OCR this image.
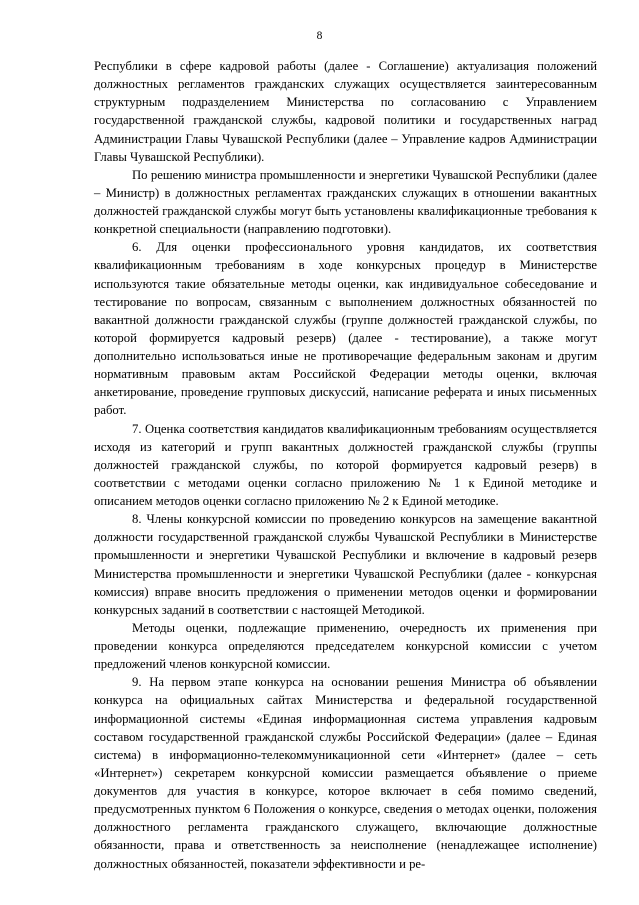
8

Республики в сфере кадровой работы (далее - Соглашение) актуализация положений должностных регламентов гражданских служащих осуществляется заинтересованным структурным подразделением Министерства по согласованию с Управлением государственной гражданской службы, кадровой политики и государственных наград Администрации Главы Чувашской Республики (далее – Управление кадров Администрации Главы Чувашской Республики).

По решению министра промышленности и энергетики Чувашской Республики (далее – Министр) в должностных регламентах гражданских служащих в отношении вакантных должностей гражданской службы могут быть установлены квалификационные требования к конкретной специальности (направлению подготовки).

6. Для оценки профессионального уровня кандидатов, их соответствия квалификационным требованиям в ходе конкурсных процедур в Министерстве используются такие обязательные методы оценки, как индивидуальное собеседование и тестирование по вопросам, связанным с выполнением должностных обязанностей по вакантной должности гражданской службы (группе должностей гражданской службы, по которой формируется кадровый резерв) (далее - тестирование), а также могут дополнительно использоваться иные не противоречащие федеральным законам и другим нормативным правовым актам Российской Федерации методы оценки, включая анкетирование, проведение групповых дискуссий, написание реферата и иных письменных работ.

7. Оценка соответствия кандидатов квалификационным требованиям осуществляется исходя из категорий и групп вакантных должностей гражданской службы (группы должностей гражданской службы, по которой формируется кадровый резерв) в соответствии с методами оценки согласно приложению № 1 к Единой методике и описанием методов оценки согласно приложению № 2 к Единой методике.

8. Члены конкурсной комиссии по проведению конкурсов на замещение вакантной должности государственной гражданской службы Чувашской Республики в Министерстве промышленности и энергетики Чувашской Республики и включение в кадровый резерв Министерства промышленности и энергетики Чувашской Республики (далее - конкурсная комиссия) вправе вносить предложения о применении методов оценки и формировании конкурсных заданий в соответствии с настоящей Методикой.

Методы оценки, подлежащие применению, очередность их применения при проведении конкурса определяются председателем конкурсной комиссии с учетом предложений членов конкурсной комиссии.

9. На первом этапе конкурса на основании решения Министра об объявлении конкурса на официальных сайтах Министерства и федеральной государственной информационной системы «Единая информационная система управления кадровым составом государственной гражданской службы Российской Федерации» (далее – Единая система) в информационно-телекоммуникационной сети «Интернет» (далее – сеть «Интернет») секретарем конкурсной комиссии размещается объявление о приеме документов для участия в конкурсе, которое включает в себя помимо сведений, предусмотренных пунктом 6 Положения о конкурсе, сведения о методах оценки, положения должностного регламента гражданского служащего, включающие должностные обязанности, права и ответственность за неисполнение (ненадлежащее исполнение) должностных обязанностей, показатели эффективности и ре-
